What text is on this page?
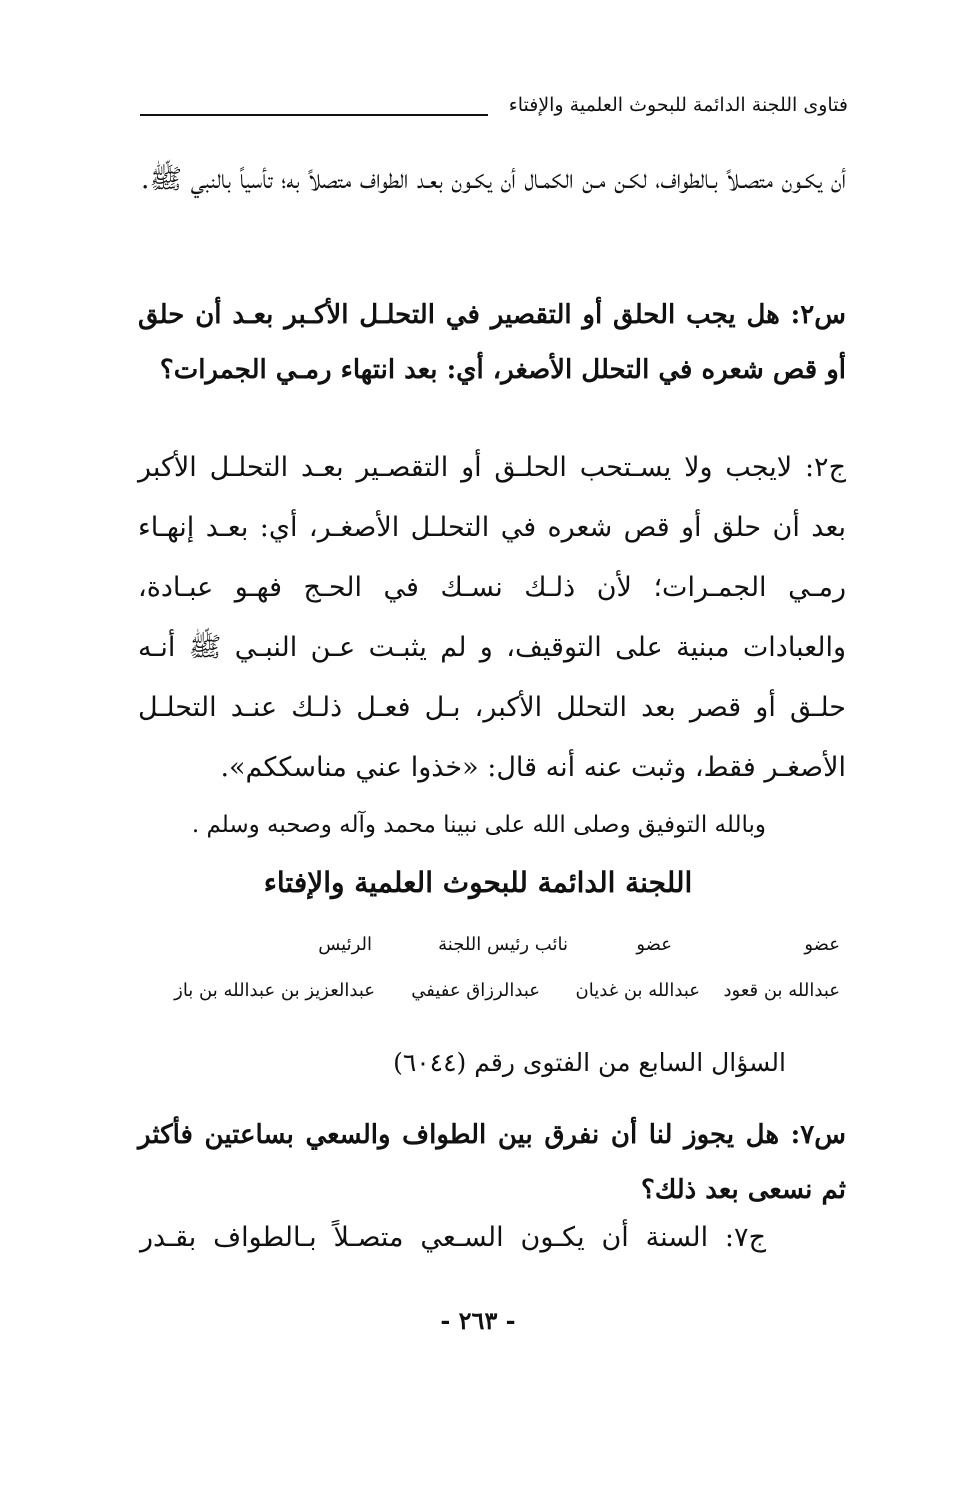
فتاوى اللجنة الدائمة للبحوث العلمية والإفتاء

أن يكـون متصـلاً بـالطواف، لكـن مـن الكمـال أن يكـون بعـد الطواف متصلاً به؛ تأسياً بالنبي ﷺ.

س٢: هل يجب الحلق أو التقصير في التحلـل الأكـبر بعـد أن حلق أو قص شعره في التحلل الأصغر، أي: بعد انتهاء رمـي الجمرات؟

ج٢: لايجب ولا يسـتحب الحلـق أو التقصـير بعـد التحلـل الأكبر بعد أن حلق أو قص شعره في التحلـل الأصغـر، أي: بعـد إنهـاء رمـي الجمـرات؛ لأن ذلـك نسـك في الحـج فهـو عبـادة، والعبادات مبنية على التوقيف، و لم يثبـت عـن النبـي ﷺ أنـه حلـق أو قصر بعد التحلل الأكبر، بـل فعـل ذلـك عنـد التحلـل الأصغـر فقط، وثبت عنه أنه قال: «خذوا عني مناسككم».

وبالله التوفيق وصلى الله على نبينا محمد وآله وصحبه وسلم .
اللجنة الدائمة للبحوث العلمية والإفتاء
عضو
عضو
نائب رئيس اللجنة
الرئيس
عبدالله بن قعود
عبدالله بن غديان
عبدالرزاق عفيفي
عبدالعزيز بن عبدالله بن باز
السؤال السابع من الفتوى رقم (٦٠٤٤)

س٧: هل يجوز لنا أن نفرق بين الطواف والسعي بساعتين فأكثر ثم نسعى بعد ذلك؟

ج٧: السنة أن يكـون السـعي متصـلاً بـالطواف بقـدر

- ٢٦٣ -
